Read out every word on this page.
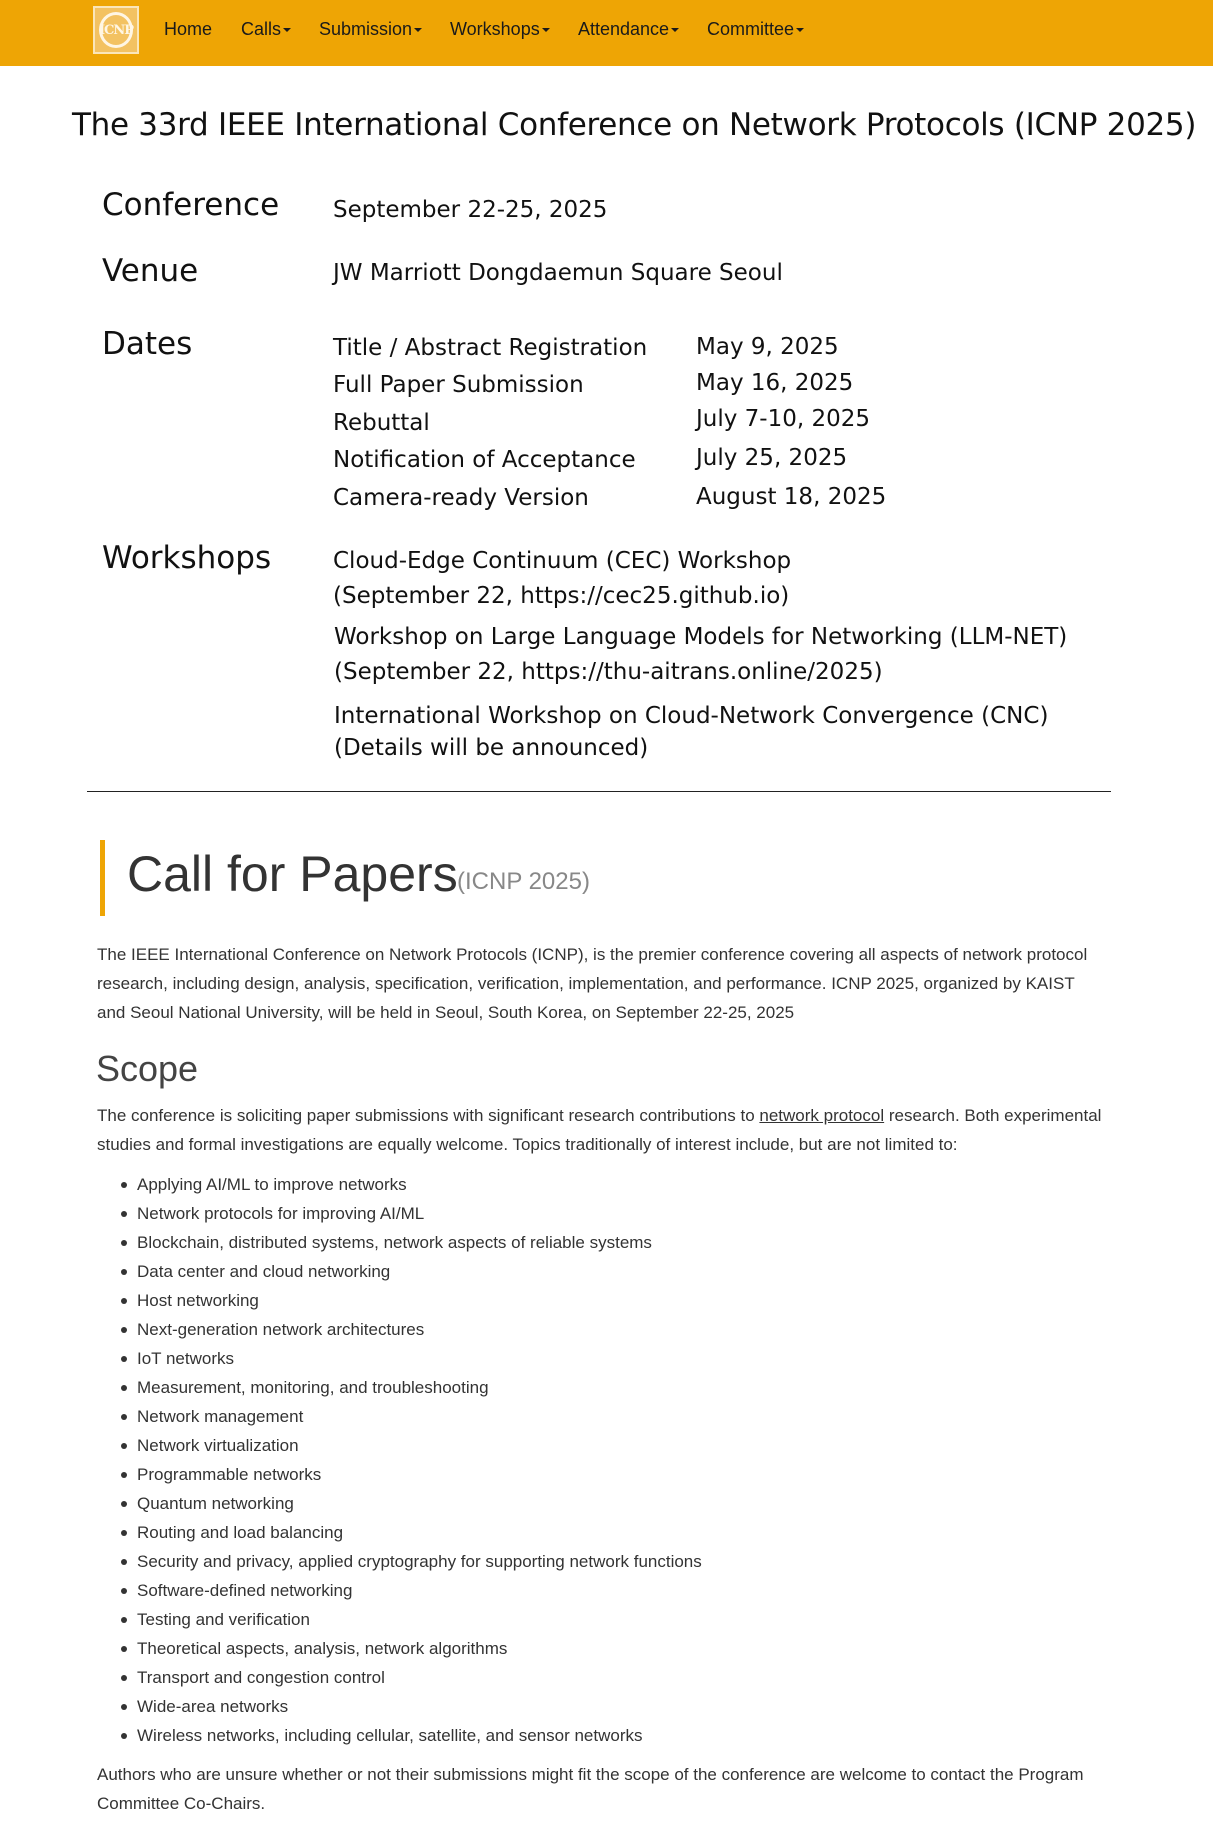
ICNP Home Calls	Submission	Workshops	Attendance	Committee
The 33rd IEEE International Conference on Network Protocols (ICNP 2025)
Conference September 22-25, 2025
Venue	JW Marriott Dongdaemun Square Seoul
Dates	Title / Abstract Registration May 9, 2025
Full Paper Submission	May 16, 2025
Rebuttal	July 7-10, 2025
Notification of Acceptance	July 25, 2025
Camera-ready Version	August 18, 2025
Workshops	Cloud-Edge Continuum (CEC) Workshop
(September 22, https://cec25.github.io)
Workshop on Large Language Models for Networking (LLM-NET)
(September 22, https://thu-aitrans.online/2025)
International Workshop on Cloud-Network Convergence (CNC)
(Details will be announced)
Call for Papers (ICNP 2025)

The IEEE International Conference on Network Protocols (ICNP), is the premier conference covering all aspects of network protocol research, including design, analysis, specification, verification, implementation, and performance. ICNP 2025, organized by KAIST and Seoul National University, will be held in Seoul, South Korea, on September 22-25, 2025

Scope

The conference is soliciting paper submissions with significant research contributions to network protocol research. Both experimental studies and formal investigations are equally welcome. Topics traditionally of interest include, but are not limited to:

Applying AI/ML to improve networks
Network protocols for improving AI/ML
Blockchain, distributed systems, network aspects of reliable systems
Data center and cloud networking
Host networking
Next-generation network architectures
IoT networks
Measurement, monitoring, and troubleshooting
Network management
Network virtualization
Programmable networks
Quantum networking
Routing and load balancing
Security and privacy, applied cryptography for supporting network functions
Software-defined networking
Testing and verification
Theoretical aspects, analysis, network algorithms
Transport and congestion control
Wide-area networks
Wireless networks, including cellular, satellite, and sensor networks

Authors who are unsure whether or not their submissions might fit the scope of the conference are welcome to contact the Program Committee Co-Chairs.
